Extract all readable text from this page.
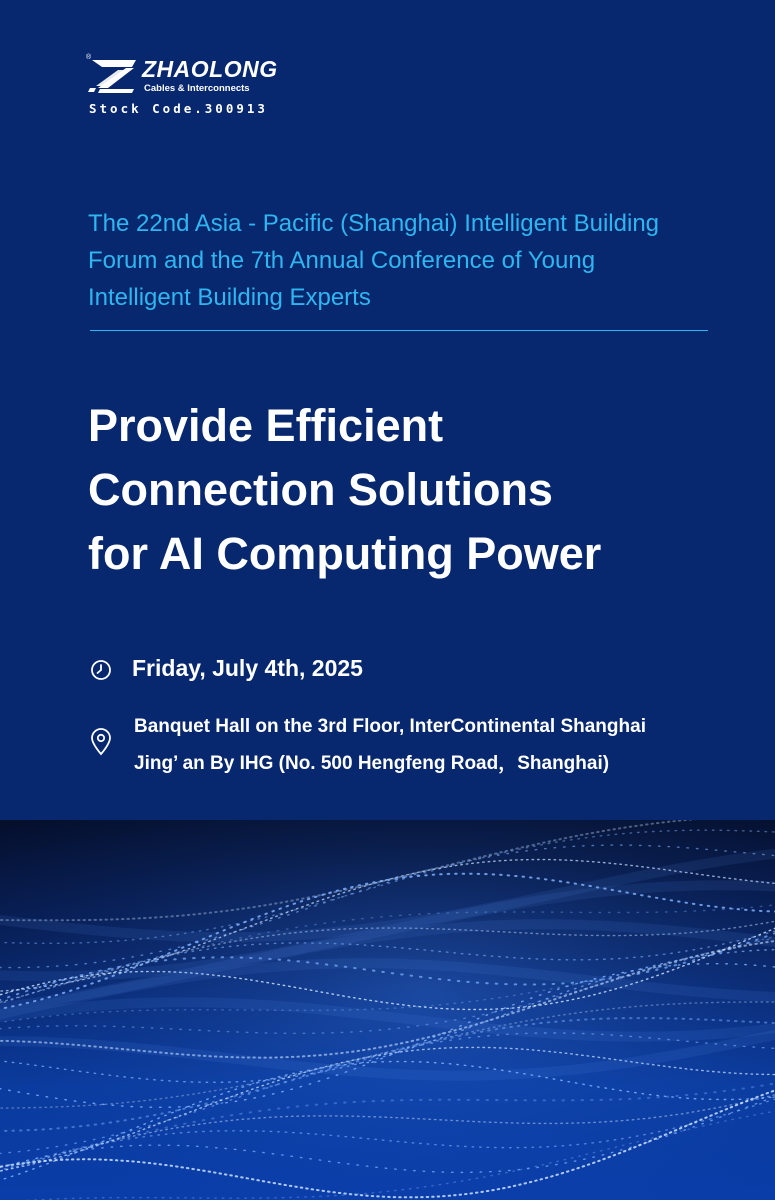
® ZHAOLONG
Cables & Interconnects
Stock Code.300913
The 22nd Asia - Pacific (Shanghai) Intelligent Building
Forum and the 7th Annual Conference of Young
Intelligent Building Experts
Provide Efficient
Connection Solutions
for AI Computing Power
Friday, July 4th, 2025
Banquet Hall on the 3rd Floor, InterContinental Shanghai
Jing’ an By IHG (No. 500 Hengfeng Road，Shanghai)
